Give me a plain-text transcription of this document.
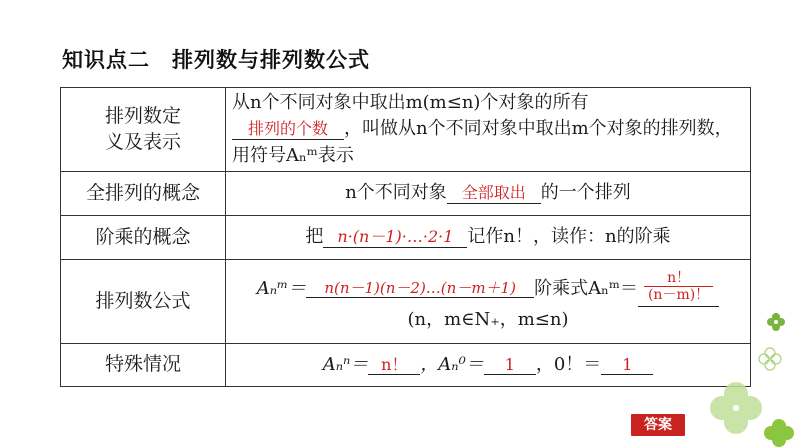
知识点二　排列数与排列数公式
排列数定
义及表示	从n个不同对象中取出m(m≤n)个对象的所有
排列的个数 ，叫做从n个不同对象中取出m个对象的排列数，用符号Aₙᵐ表示
全排列的概念	n个不同对象 全部取出 的一个排列
阶乘的概念	把 n·(n－1)·…·2·1 记作n！，读作：n的阶乘
排列数公式	Aₙᵐ＝ n(n－1)(n－2)…(n－m＋1) 阶乘式Aₙᵐ＝ $\frac{n!}{(n-m)!}$
(n，m∈N₊，m≤n)

特殊情况	Aₙⁿ＝ n！ ，Aₙ⁰＝ 1 ，0！＝ 1
答案
